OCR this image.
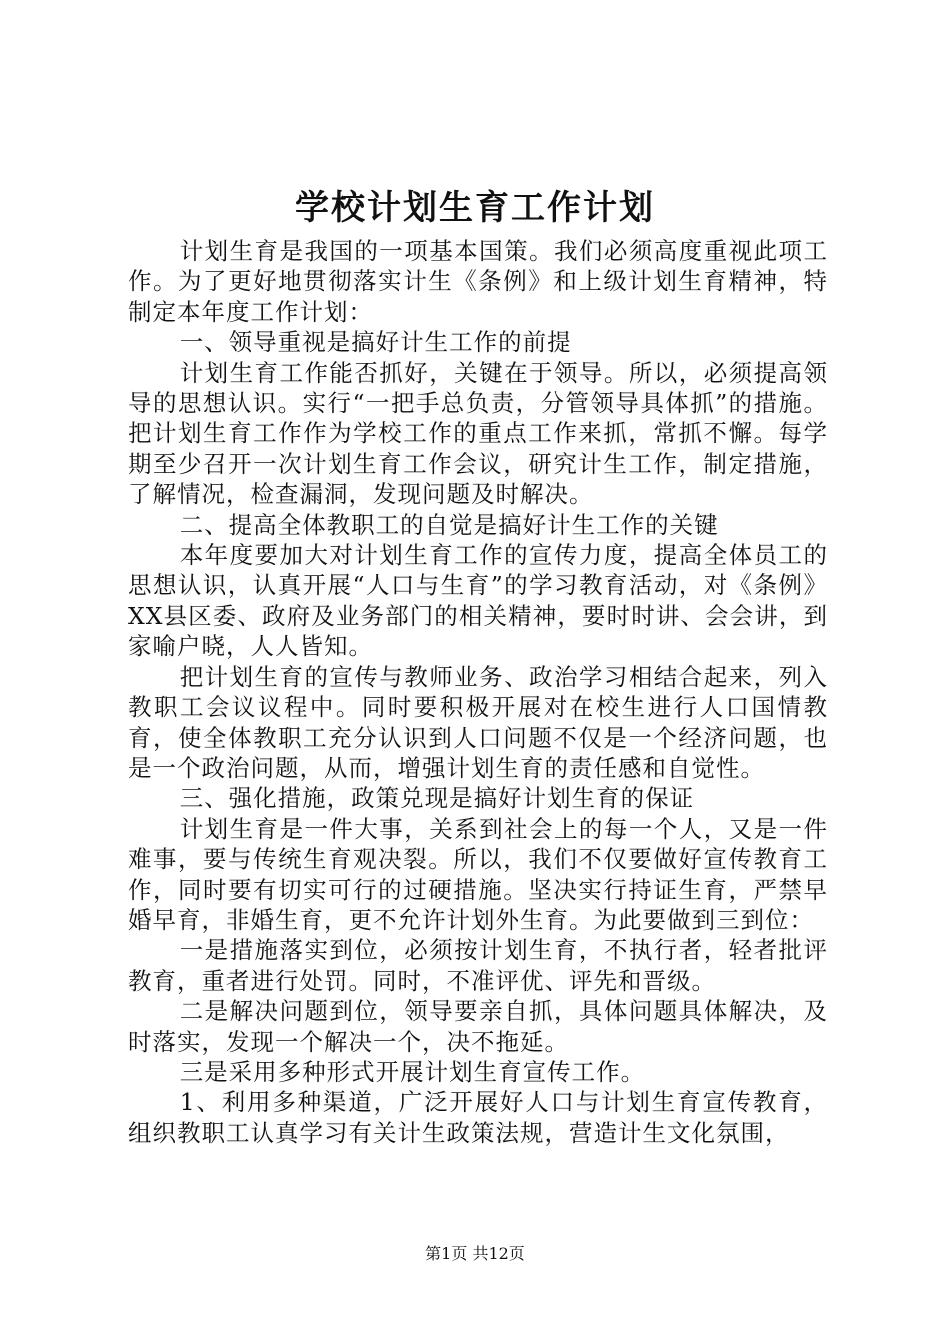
学校计划生育工作计划

计划生育是我国的一项基本国策。我们必须高度重视此项工作。为了更好地贯彻落实计生《条例》和上级计划生育精神，特制定本年度工作计划：

一、领导重视是搞好计生工作的前提

计划生育工作能否抓好，关键在于领导。所以，必须提高领导的思想认识。实行“一把手总负责，分管领导具体抓”的措施。把计划生育工作作为学校工作的重点工作来抓，常抓不懈。每学期至少召开一次计划生育工作会议，研究计生工作，制定措施，了解情况，检查漏洞，发现问题及时解决。

二、提高全体教职工的自觉是搞好计生工作的关键

本年度要加大对计划生育工作的宣传力度，提高全体员工的思想认识，认真开展“人口与生育”的学习教育活动，对《条例》XX县区委、政府及业务部门的相关精神，要时时讲、会会讲，到家喻户晓，人人皆知。

把计划生育的宣传与教师业务、政治学习相结合起来，列入教职工会议议程中。同时要积极开展对在校生进行人口国情教育，使全体教职工充分认识到人口问题不仅是一个经济问题，也是一个政治问题，从而，增强计划生育的责任感和自觉性。

三、强化措施，政策兑现是搞好计划生育的保证

计划生育是一件大事，关系到社会上的每一个人，又是一件难事，要与传统生育观决裂。所以，我们不仅要做好宣传教育工作，同时要有切实可行的过硬措施。坚决实行持证生育，严禁早婚早育，非婚生育，更不允许计划外生育。为此要做到三到位：

一是措施落实到位，必须按计划生育，不执行者，轻者批评教育，重者进行处罚。同时，不准评优、评先和晋级。

二是解决问题到位，领导要亲自抓，具体问题具体解决，及时落实，发现一个解决一个，决不拖延。

三是采用多种形式开展计划生育宣传工作。

1、利用多种渠道，广泛开展好人口与计划生育宣传教育，组织教职工认真学习有关计生政策法规，营造计生文化氛围，

第1页 共12页
